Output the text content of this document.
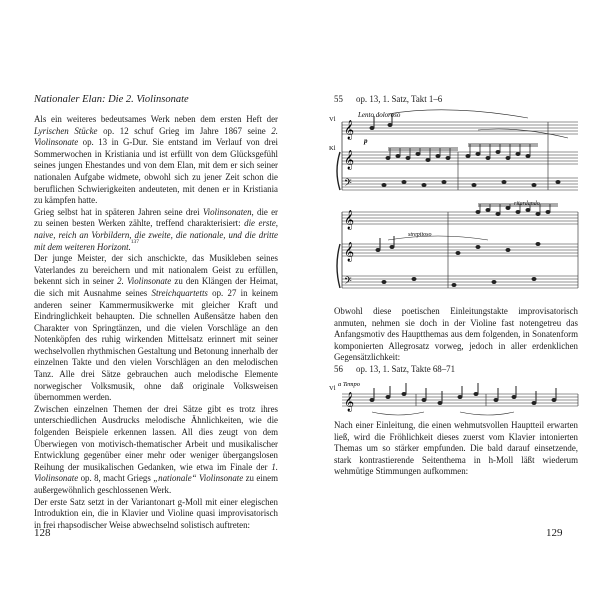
Nationaler Elan: Die 2. Violinsonate

Als ein weiteres bedeutsames Werk neben dem ersten Heft der Lyrischen Stücke op. 12 schuf Grieg im Jahre 1867 seine 2. Violinsonate op. 13 in G-Dur. Sie entstand im Verlauf von drei Sommerwochen in Kristiania und ist erfüllt von dem Glücksgefühl seines jungen Ehestandes und von dem Elan, mit dem er sich seiner nationalen Aufgabe widmete, obwohl sich zu jener Zeit schon die beruflichen Schwierigkeiten andeuteten, mit denen er in Kristiania zu kämpfen hatte.

Grieg selbst hat in späteren Jahren seine drei Violinsonaten, die er zu seinen besten Werken zählte, treffend charakterisiert: die erste, naive, reich an Vorbildern, die zweite, die nationale, und die dritte mit dem weiteren Horizont.$^{137}$

Der junge Meister, der sich anschickte, das Musikleben seines Vaterlandes zu bereichern und mit nationalem Geist zu erfüllen, bekennt sich in seiner 2. Violinsonate zu den Klängen der Heimat, die sich mit Ausnahme seines Streichquartetts op. 27 in keinem anderen seiner Kammermusikwerke mit gleicher Kraft und Eindringlichkeit behaupten. Die schnellen Außensätze haben den Charakter von Springtänzen, und die vielen Vorschläge an den Notenköpfen des ruhig wirkenden Mittelsatz erinnert mit seiner wechselvollen rhythmischen Gestaltung und Betonung innerhalb der einzelnen Takte und den vielen Vorschlägen an den melodischen Tanz. Alle drei Sätze gebrauchen auch melodische Elemente norwegischer Volksmusik, ohne daß originale Volksweisen übernommen werden.

Zwischen einzelnen Themen der drei Sätze gibt es trotz ihres unterschiedlichen Ausdrucks melodische Ähnlichkeiten, wie die folgenden Beispiele erkennen lassen. All dies zeugt von dem Überwiegen von motivisch-thematischer Arbeit und musikalischer Entwicklung gegenüber einer mehr oder weniger übergangslosen Reihung der musikalischen Gedanken, wie etwa im Finale der 1. Violinsonate op. 8, macht Griegs „nationale“ Violinsonate zu einem außergewöhnlich geschlossenen Werk.

Der erste Satz setzt in der Variantonart g-Moll mit einer elegischen Introduktion ein, die in Klavier und Violine quasi improvisatorisch in frei rhapsodischer Weise abwechselnd solistisch auftreten:

128
55 op. 13, 1. Satz, Takt 1–6
𝄞
𝄞
𝄢
𝄞
𝄞
𝄢
Vl
Kl
Lento doloroso
p
ritardando
strepitoso
Obwohl diese poetischen Einleitungstakte improvisatorisch anmuten, nehmen sie doch in der Violine fast notengetreu das Anfangsmotiv des Hauptthemas aus dem folgenden, in Sonatenform komponierten Allegrosatz vorweg, jedoch in aller erdenklichen Gegensätzlichkeit:
56 op. 13, 1. Satz, Takte 68–71
𝄞
Vl
a Tempo
Nach einer Einleitung, die einen wehmutsvollen Hauptteil erwarten ließ, wird die Fröhlichkeit dieses zuerst vom Klavier intonierten Themas um so stärker empfunden. Die bald darauf einsetzende, stark kontrastierende Seitenthema in h-Moll läßt wiederum wehmütige Stimmungen aufkommen:
129
